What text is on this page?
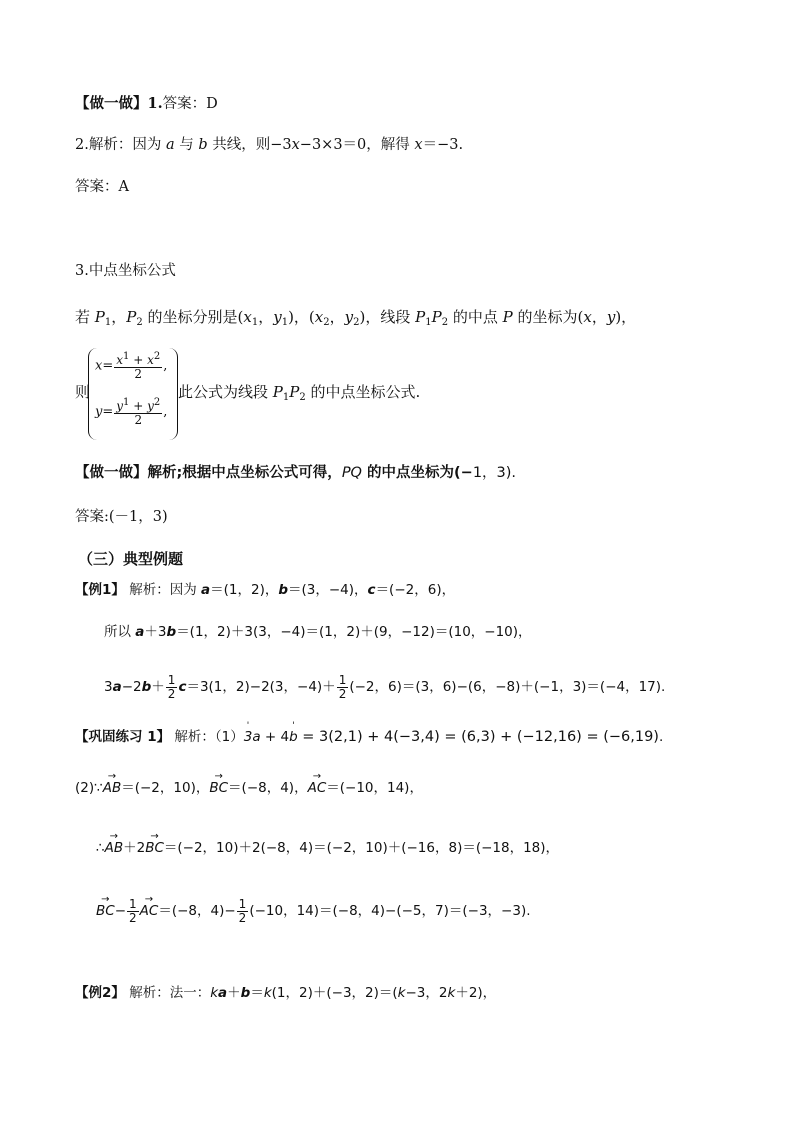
【做一做】1.答案：D
2.解析：因为 a 与 b 共线，则−3x−3×3＝0，解得 x＝−3.
答案：A
3.中点坐标公式
若 $P_1$，$P_2$ 的坐标分别是($x_1$，$y_1$)，($x_2$，$y_2$)，线段 $P_1P_2$ 的中点 P 的坐标为(x，y)，
则
$x= \frac{x^1 + x^2}{2}$ ,
$y= \frac{y^1 + y^2}{2}$ ,
此公式为线段 $P_1P_2$ 的中点坐标公式.
【做一做】解析;根据中点坐标公式可得，PQ 的中点坐标为(−1，3).
答案:(－1，3)
（三）典型例题
【例1】 解析：因为 a＝(1，2)，b＝(3，−4)，c＝(−2，6)，
所以 a＋3b＝(1，2)＋3(3，−4)＝(1，2)＋(9，−12)＝(10，−10)，
$3a-2b+ \frac{1}{2} c=3(1$，2)−2(3，$-4)+ \frac{1}{2} (-2$，6)＝(3，6)−(6，−8)＋(−1，3)＝(−4，17).
【巩固练习 1】 解析：（1）' 3a + 4' b = 3(2,1) + 4(−3,4) = (6,3) + (−12,16) = (−6,19).
(2)∵→ AB＝(−2，10)，→ BC＝(−8，4)，→ AC＝(−10，14)，
∴→ AB＋2→ BC＝(−2，10)＋2(−8，4)＝(−2，10)＋(−16，8)＝(−18，18)，
→ $BC- \frac{1}{2}$
→ AC＝(−8，$4)- \frac{1}{2} (-10$，14)＝(−8，4)−(−5，7)＝(−3，−3).
【例2】 解析：法一：ka＋b＝k(1，2)＋(−3，2)＝(k−3，2k＋2)，
